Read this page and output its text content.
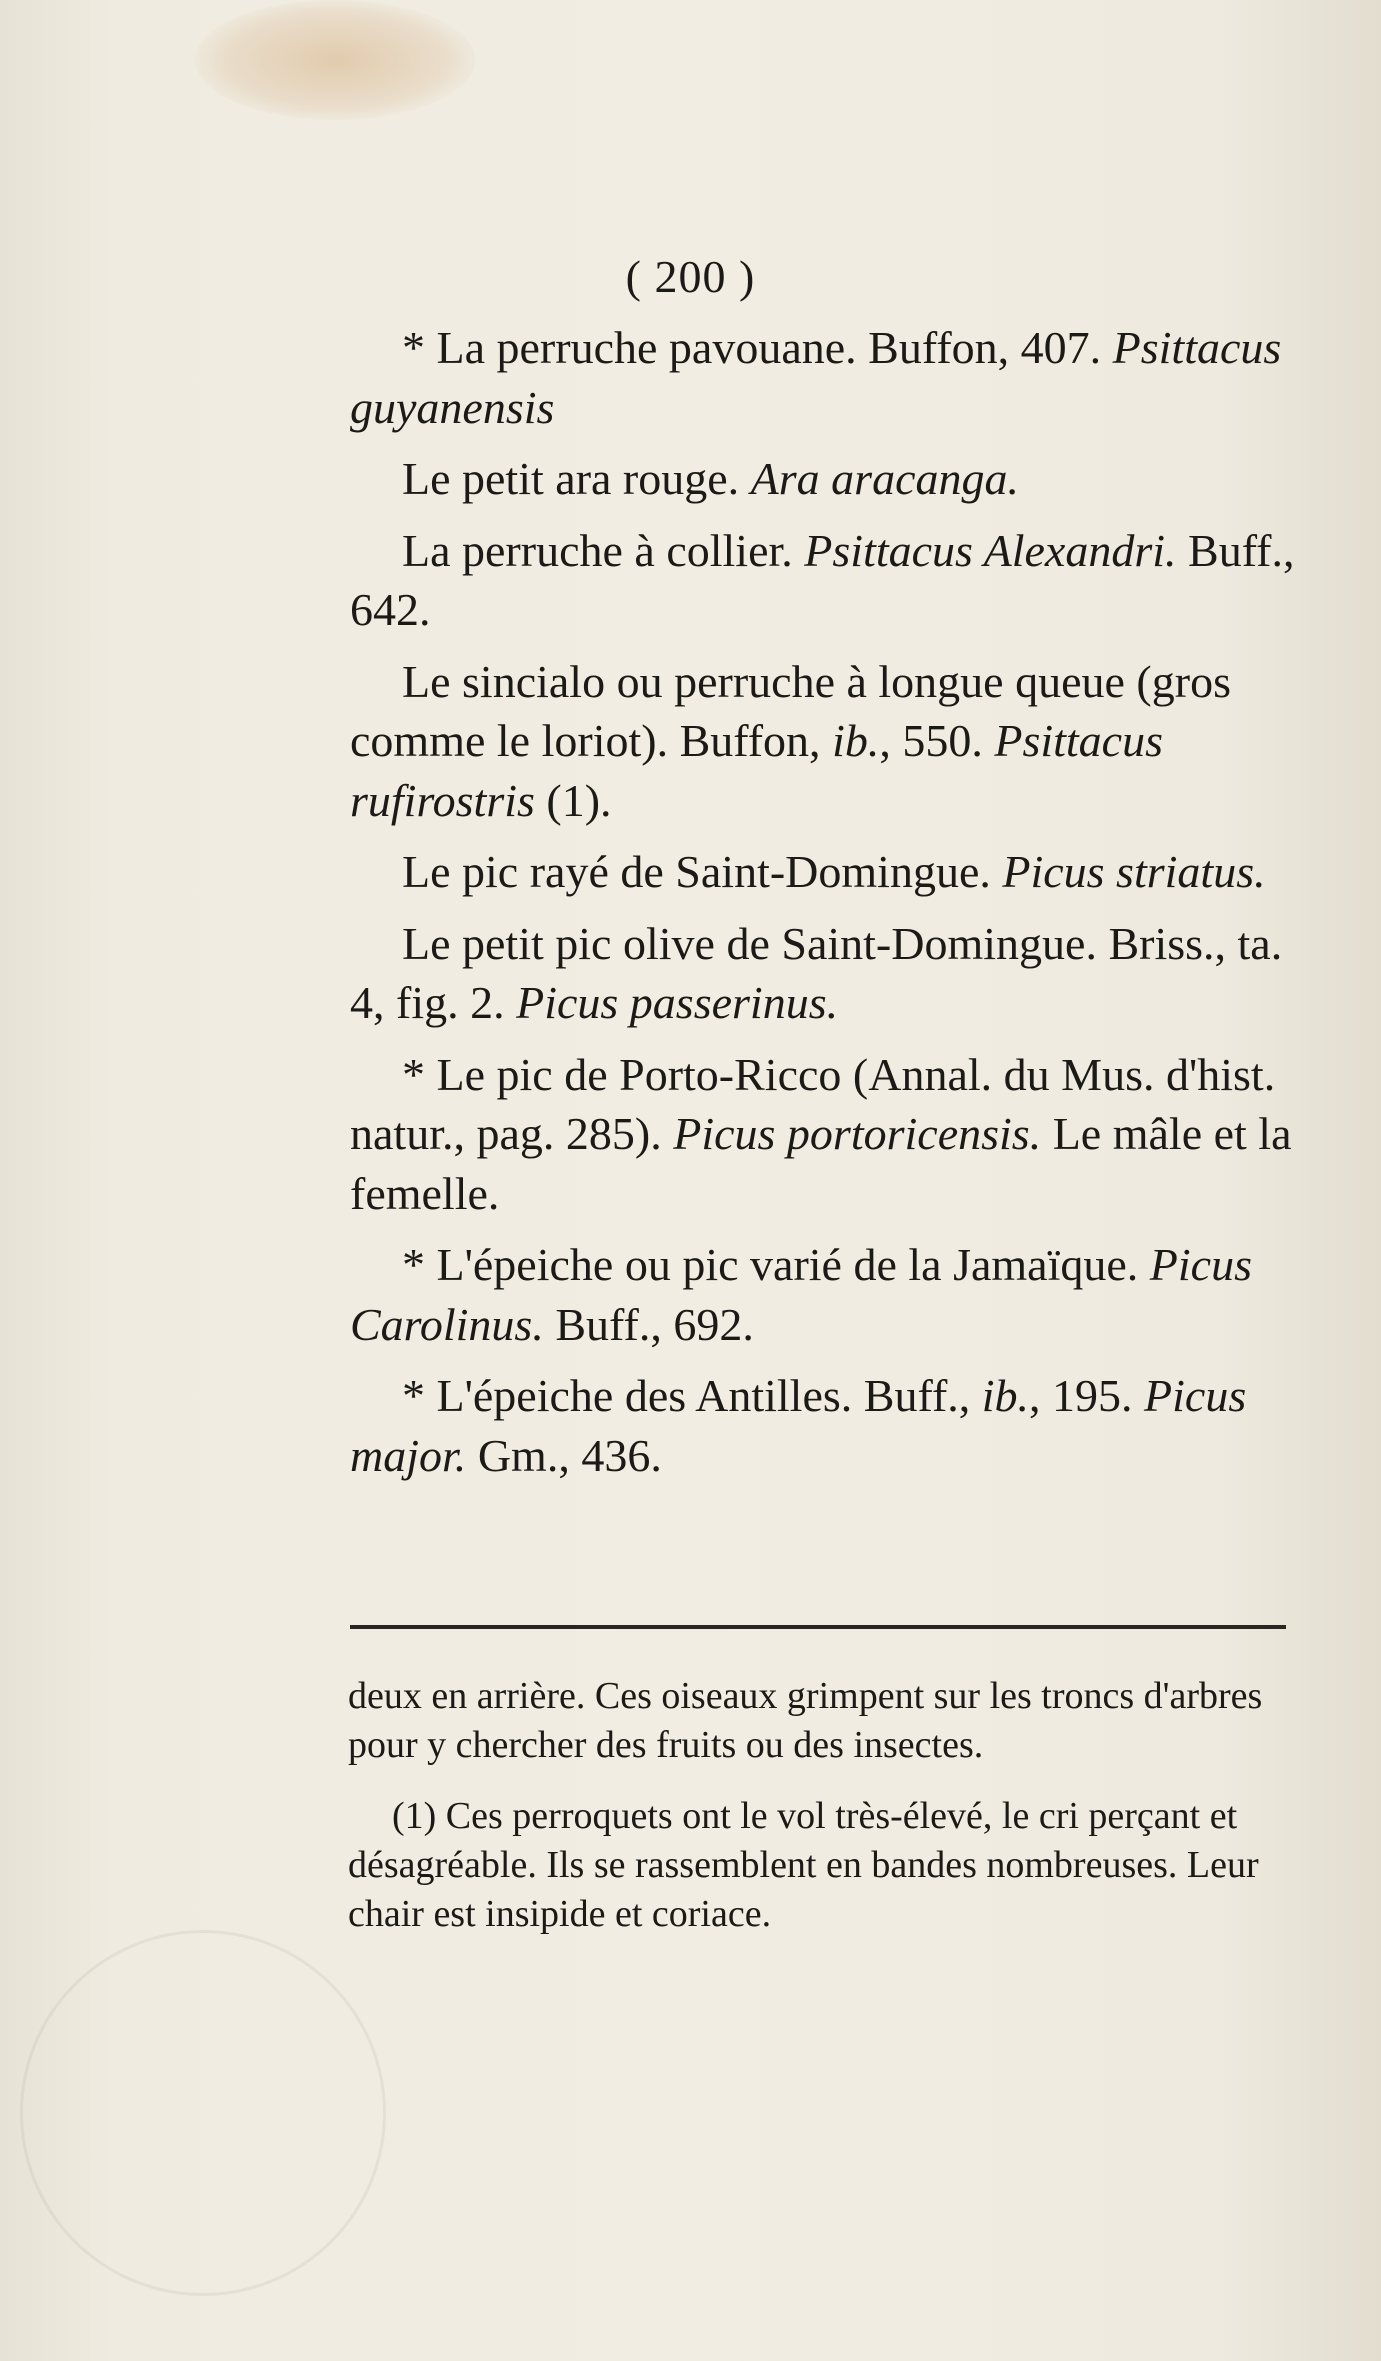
( 200 )

* La perruche pavouane. Buffon, 407. Psittacus guyanensis

Le petit ara rouge. Ara aracanga.

La perruche à collier. Psittacus Alexandri. Buff., 642.

Le sincialo ou perruche à longue queue (gros comme le loriot). Buffon, ib., 550. Psittacus rufirostris (1).

Le pic rayé de Saint-Domingue. Picus striatus.

Le petit pic olive de Saint-Domingue. Briss., ta. 4, fig. 2. Picus passerinus.

* Le pic de Porto-Ricco (Annal. du Mus. d'hist. natur., pag. 285). Picus portoricensis. Le mâle et la femelle.

* L'épeiche ou pic varié de la Jamaïque. Picus Carolinus. Buff., 692.

* L'épeiche des Antilles. Buff., ib., 195. Picus major. Gm., 436.

deux en arrière. Ces oiseaux grimpent sur les troncs d'arbres pour y chercher des fruits ou des insectes.

(1) Ces perroquets ont le vol très-élevé, le cri perçant et désagréable. Ils se rassemblent en bandes nombreuses. Leur chair est insipide et coriace.
